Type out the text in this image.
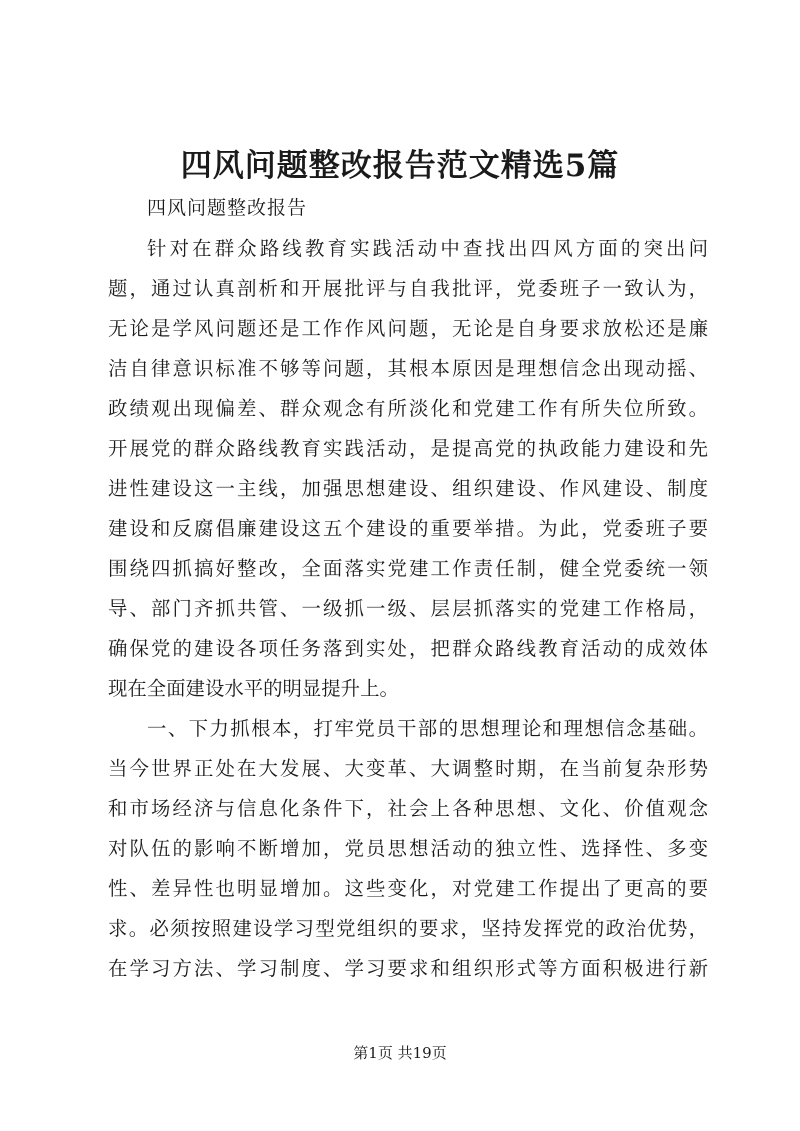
四风问题整改报告范文精选5篇
四风问题整改报告
针对在群众路线教育实践活动中查找出四风方面的突出问
题，通过认真剖析和开展批评与自我批评，党委班子一致认为，
无论是学风问题还是工作作风问题，无论是自身要求放松还是廉
洁自律意识标准不够等问题，其根本原因是理想信念出现动摇、
政绩观出现偏差、群众观念有所淡化和党建工作有所失位所致。
开展党的群众路线教育实践活动，是提高党的执政能力建设和先
进性建设这一主线，加强思想建设、组织建设、作风建设、制度
建设和反腐倡廉建设这五个建设的重要举措。为此，党委班子要
围绕四抓搞好整改，全面落实党建工作责任制，健全党委统一领
导、部门齐抓共管、一级抓一级、层层抓落实的党建工作格局，
确保党的建设各项任务落到实处，把群众路线教育活动的成效体
现在全面建设水平的明显提升上。
一、下力抓根本，打牢党员干部的思想理论和理想信念基础。
当今世界正处在大发展、大变革、大调整时期，在当前复杂形势
和市场经济与信息化条件下，社会上各种思想、文化、价值观念
对队伍的影响不断增加，党员思想活动的独立性、选择性、多变
性、差异性也明显增加。这些变化，对党建工作提出了更高的要
求。必须按照建设学习型党组织的要求，坚持发挥党的政治优势，
在学习方法、学习制度、学习要求和组织形式等方面积极进行新
第1页 共19页
